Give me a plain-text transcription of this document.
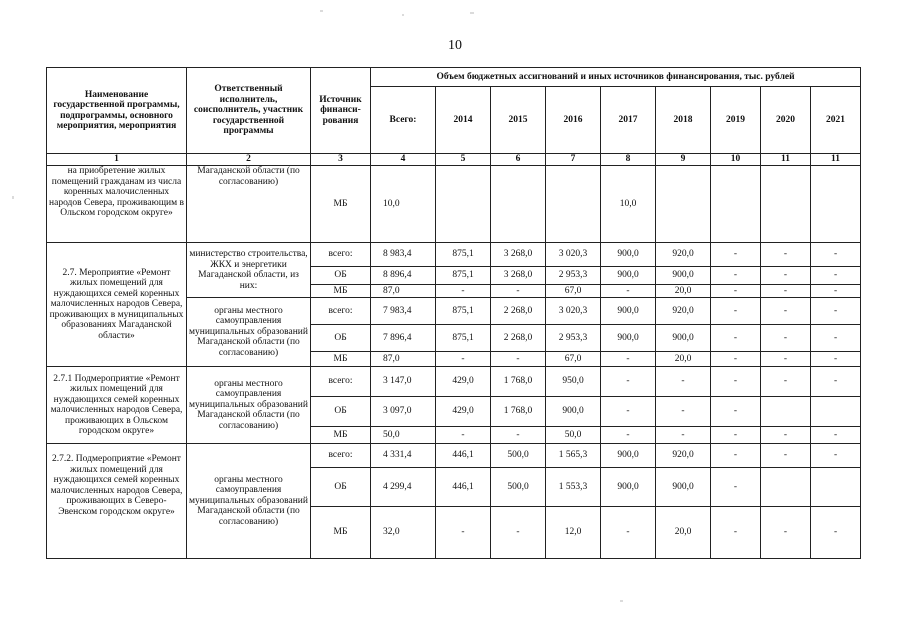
10
Наименование государственной программы, подпрограммы, основного мероприятия, мероприятия	Ответственный исполнитель, соисполнитель, участник государственной программы	Источник финанси- рования	Объем бюджетных ассигнований и иных источников финансирования, тыс. рублей								
			Всего:	2014	2015	2016	2017	2018	2019	2020	2021
1	2	3	4	5	6	7	8	9	10	11	11
на приобретение жилых помещений гражданам из числа коренных малочисленных народов Севера, проживающим в Ольском городском округе»	Магаданской области (по согласованию)	МБ	10,0				10,0				
2.7. Мероприятие «Ремонт жилых помещений для нуждающихся семей коренных малочисленных народов Севера, проживающих в муниципальных образованиях Магаданской области»	министерство строительства, ЖКХ и энергетики Магаданской области, из них:	всего:	8 983,4	875,1	3 268,0	3 020,3	900,0	920,0	-	-	-
		ОБ	8 896,4	875,1	3 268,0	2 953,3	900,0	900,0	-	-	-
		МБ	87,0	-	-	67,0	-	20,0	-	-	-
	органы местного самоуправления муниципальных образований Магаданской области (по согласованию)	всего:	7 983,4	875,1	2 268,0	3 020,3	900,0	920,0	-	-	-
		ОБ	7 896,4	875,1	2 268,0	2 953,3	900,0	900,0	-	-	-
		МБ	87,0	-	-	67,0	-	20,0	-	-	-
2.7.1 Подмероприятие «Ремонт жилых помещений для нуждающихся семей коренных малочисленных народов Севера, проживающих в Ольском городском округе»	органы местного самоуправления муниципальных образований Магаданской области (по согласованию)	всего:	3 147,0	429,0	1 768,0	950,0	-	-	-	-	-
		ОБ	3 097,0	429,0	1 768,0	900,0	-	-	-		
		МБ	50,0	-	-	50,0	-	-	-	-	-
2.7.2. Подмероприятие «Ремонт жилых помещений для нуждающихся семей коренных малочисленных народов Севера, проживающих в Северо-Эвенском городском округе»	органы местного самоуправления муниципальных образований Магаданской области (по согласованию)	всего:	4 331,4	446,1	500,0	1 565,3	900,0	920,0	-	-	-
		ОБ	4 299,4	446,1	500,0	1 553,3	900,0	900,0	-		
		МБ	32,0	-	-	12,0	-	20,0	-	-	-
